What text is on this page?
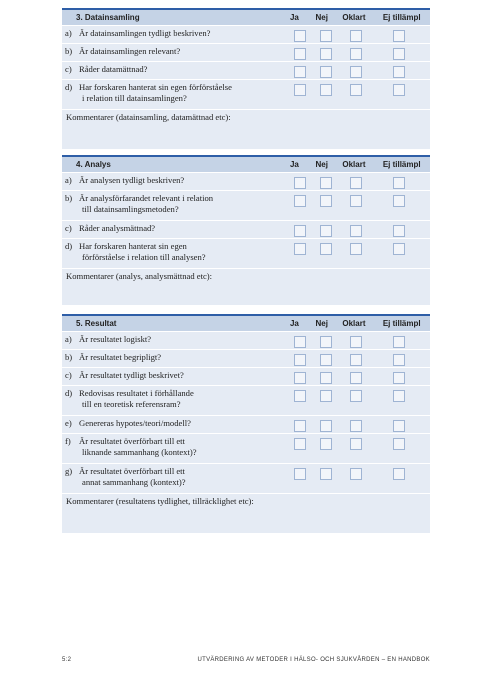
3. Datainsamling	Ja	Nej	Oklart	Ej tillämpl
a) Är datainsamlingen tydligt beskriven?
b) Är datainsamlingen relevant?
c) Råder datamättnad?
d) Har forskaren hanterat sin egen förförståelse
i relation till datainsamlingen?
Kommentarer (datainsamling, datamättnad etc):
4. Analys	Ja	Nej	Oklart	Ej tillämpl
a) Är analysen tydligt beskriven?
b) Är analysförfarandet relevant i relation
till datainsamlingsmetoden?
c) Råder analysmättnad?
d) Har forskaren hanterat sin egen
förförståelse i relation till analysen?
Kommentarer (analys, analysmättnad etc):
5. Resultat	Ja	Nej	Oklart	Ej tillämpl
a) Är resultatet logiskt?
b) Är resultatet begripligt?
c) Är resultatet tydligt beskrivet?
d) Redovisas resultatet i förhållande
till en teoretisk referensram?
e) Genereras hypotes/teori/modell?
f) Är resultatet överförbart till ett
liknande sammanhang (kontext)?
g) Är resultatet överförbart till ett
annat sammanhang (kontext)?
Kommentarer (resultatens tydlighet, tillräcklighet etc):
5:2	UTVÄRDERING AV METODER I HÄLSO- OCH SJUKVÅRDEN – EN HANDBOK
